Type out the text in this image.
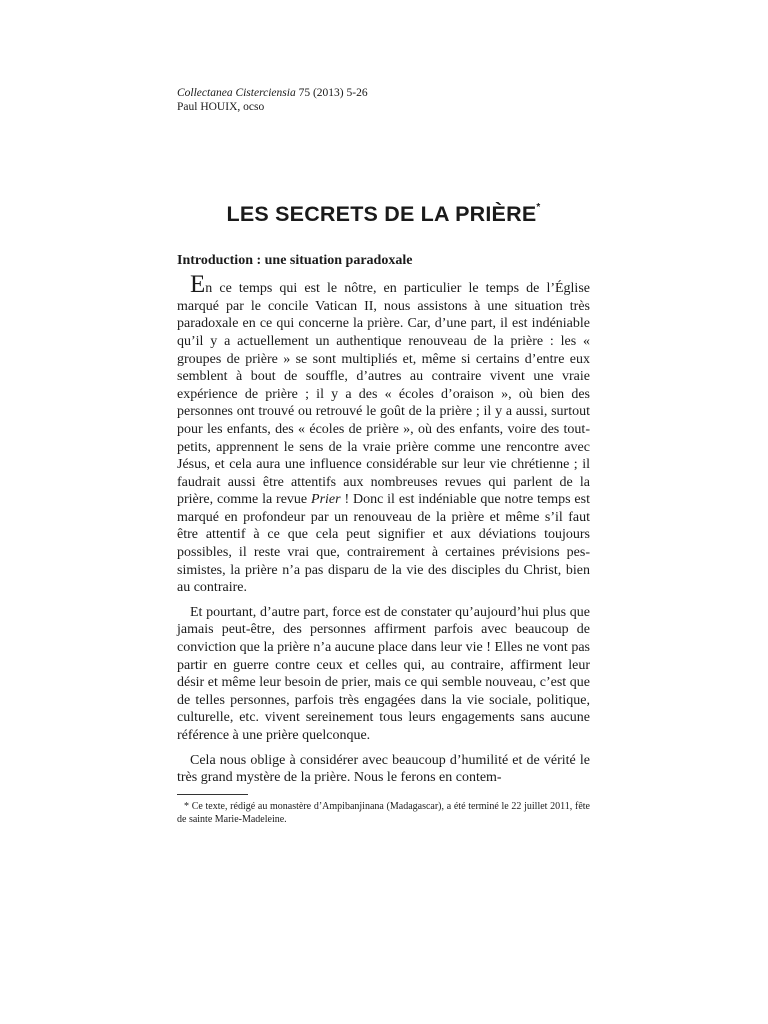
Collectanea Cisterciensia 75 (2013) 5-26
Paul HOUIX, ocso
LES SECRETS DE LA PRIÈRE*
Introduction : une situation paradoxale

En ce temps qui est le nôtre, en particulier le temps de l’Église marqué par le concile Vatican II, nous assistons à une situation très paradoxale en ce qui concerne la prière. Car, d’une part, il est indéniable qu’il y a actuellement un authentique renouveau de la prière : les « groupes de prière » se sont multipliés et, même si certains d’entre eux semblent à bout de souffle, d’autres au contraire vivent une vraie expérience de prière ; il y a des « écoles d’oraison », où bien des personnes ont trouvé ou retrouvé le goût de la prière ; il y a aussi, surtout pour les enfants, des « écoles de prière », où des enfants, voire des tout-petits, apprennent le sens de la vraie prière comme une rencontre avec Jésus, et cela aura une influence considérable sur leur vie chrétienne ; il faudrait aussi être attentifs aux nombreuses revues qui parlent de la prière, comme la revue Prier ! Donc il est indéniable que notre temps est marqué en profondeur par un renouveau de la prière et même s’il faut être attentif à ce que cela peut signifier et aux déviations toujours possibles, il reste vrai que, contrairement à certaines prévisions pes-simistes, la prière n’a pas disparu de la vie des disciples du Christ, bien au contraire.

Et pourtant, d’autre part, force est de constater qu’aujourd’hui plus que jamais peut-être, des personnes affirment parfois avec beaucoup de conviction que la prière n’a aucune place dans leur vie ! Elles ne vont pas partir en guerre contre ceux et celles qui, au contraire, affirment leur désir et même leur besoin de prier, mais ce qui semble nouveau, c’est que de telles personnes, parfois très engagées dans la vie sociale, politique, culturelle, etc. vivent sereinement tous leurs engagements sans aucune référence à une prière quelconque.

Cela nous oblige à considérer avec beaucoup d’humilité et de vérité le très grand mystère de la prière. Nous le ferons en contem-

* Ce texte, rédigé au monastère d’Ampibanjinana (Madagascar), a été terminé le 22 juillet 2011, fête de sainte Marie-Madeleine.
